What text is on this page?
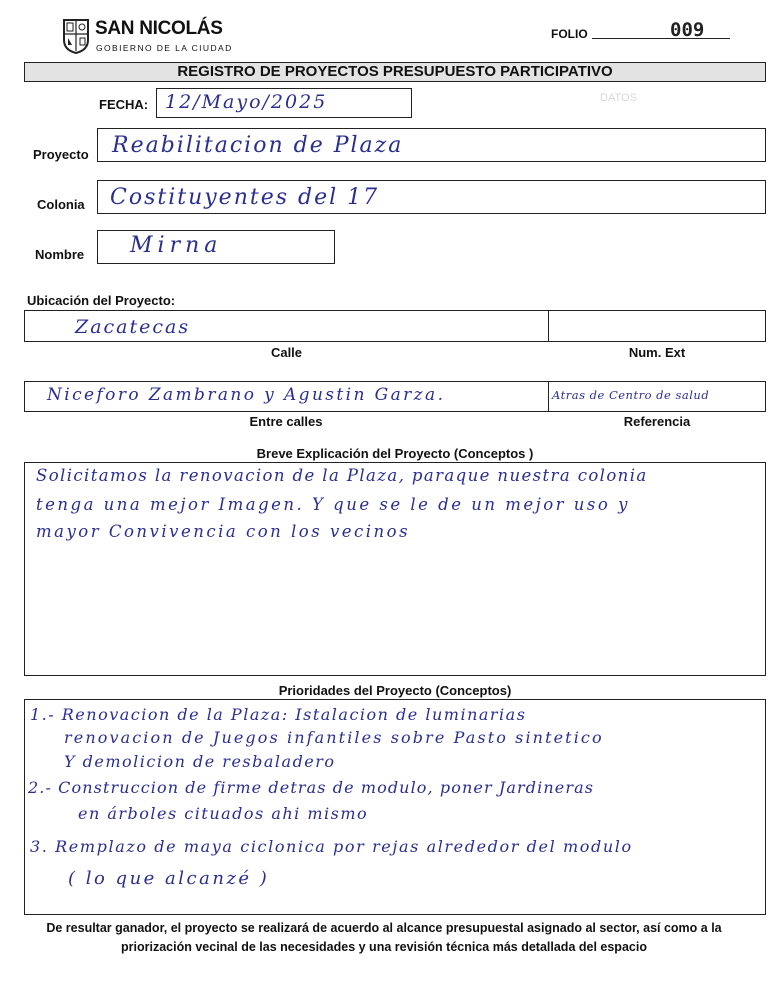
DATOS
SAN NICOLÁS
GOBIERNO DE LA CIUDAD
FOLIO	009
REGISTRO DE PROYECTOS PRESUPUESTO PARTICIPATIVO
FECHA: 12/Mayo/2025
Proyecto Reabilitacion de Plaza
Colonia Costituyentes del 17
Nombre Mirna
Ubicación del Proyecto:
Zacatecas
Calle	Num. Ext
Niceforo Zambrano y Agustin Garza.	Atras de Centro de salud
Entre calles	Referencia
Breve Explicación del Proyecto (Conceptos )
Solicitamos la renovacion de la Plaza, paraque nuestra colonia
tenga una mejor Imagen. Y que se le de un mejor uso y
mayor Convivencia con los vecinos
Prioridades del Proyecto (Conceptos)
1.- Renovacion de la Plaza: Istalacion de luminarias
renovacion de Juegos infantiles sobre Pasto sintetico
Y demolicion de resbaladero
2.- Construccion de firme detras de modulo, poner Jardineras
en árboles cituados ahi mismo
3. Remplazo de maya ciclonica por rejas alrededor del modulo
( lo que alcanzé )
De resultar ganador, el proyecto se realizará de acuerdo al alcance presupuestal asignado al sector, así como a la
priorización vecinal de las necesidades y una revisión técnica más detallada del espacio
